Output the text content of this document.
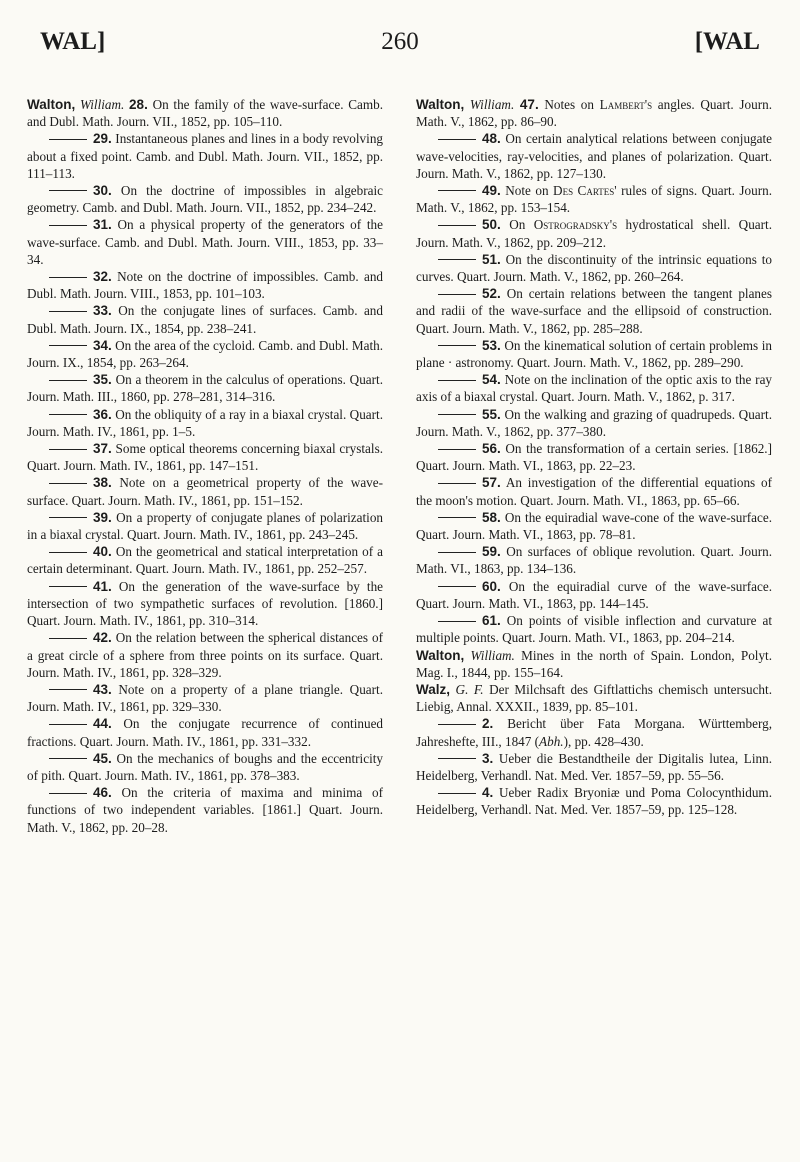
WAL]	260	[WAL
Walton, William. 28. On the family of the wave-surface. Camb. and Dubl. Math. Journ. VII., 1852, pp. 105–110.
29. Instantaneous planes and lines in a body revolving about a fixed point. Camb. and Dubl. Math. Journ. VII., 1852, pp. 111–113.
30. On the doctrine of impossibles in algebraic geometry. Camb. and Dubl. Math. Journ. VII., 1852, pp. 234–242.
31. On a physical property of the generators of the wave-surface. Camb. and Dubl. Math. Journ. VIII., 1853, pp. 33–34.
32. Note on the doctrine of impossibles. Camb. and Dubl. Math. Journ. VIII., 1853, pp. 101–103.
33. On the conjugate lines of surfaces. Camb. and Dubl. Math. Journ. IX., 1854, pp. 238–241.
34. On the area of the cycloid. Camb. and Dubl. Math. Journ. IX., 1854, pp. 263–264.
35. On a theorem in the calculus of operations. Quart. Journ. Math. III., 1860, pp. 278–281, 314–316.
36. On the obliquity of a ray in a biaxal crystal. Quart. Journ. Math. IV., 1861, pp. 1–5.
37. Some optical theorems concerning biaxal crystals. Quart. Journ. Math. IV., 1861, pp. 147–151.
38. Note on a geometrical property of the wave-surface. Quart. Journ. Math. IV., 1861, pp. 151–152.
39. On a property of conjugate planes of polarization in a biaxal crystal. Quart. Journ. Math. IV., 1861, pp. 243–245.
40. On the geometrical and statical interpretation of a certain determinant. Quart. Journ. Math. IV., 1861, pp. 252–257.
41. On the generation of the wave-surface by the intersection of two sympathetic surfaces of revolution. [1860.] Quart. Journ. Math. IV., 1861, pp. 310–314.
42. On the relation between the spherical distances of a great circle of a sphere from three points on its surface. Quart. Journ. Math. IV., 1861, pp. 328–329.
43. Note on a property of a plane triangle. Quart. Journ. Math. IV., 1861, pp. 329–330.
44. On the conjugate recurrence of continued fractions. Quart. Journ. Math. IV., 1861, pp. 331–332.
45. On the mechanics of boughs and the eccentricity of pith. Quart. Journ. Math. IV., 1861, pp. 378–383.
46. On the criteria of maxima and minima of functions of two independent variables. [1861.] Quart. Journ. Math. V., 1862, pp. 20–28.
Walton, William. 47. Notes on Lambert's angles. Quart. Journ. Math. V., 1862, pp. 86–90.
48. On certain analytical relations between conjugate wave-velocities, ray-velocities, and planes of polarization. Quart. Journ. Math. V., 1862, pp. 127–130.
49. Note on Des Cartes' rules of signs. Quart. Journ. Math. V., 1862, pp. 153–154.
50. On Ostrogradsky's hydrostatical shell. Quart. Journ. Math. V., 1862, pp. 209–212.
51. On the discontinuity of the intrinsic equations to curves. Quart. Journ. Math. V., 1862, pp. 260–264.
52. On certain relations between the tangent planes and radii of the wave-surface and the ellipsoid of construction. Quart. Journ. Math. V., 1862, pp. 285–288.
53. On the kinematical solution of certain problems in plane · astronomy. Quart. Journ. Math. V., 1862, pp. 289–290.
54. Note on the inclination of the optic axis to the ray axis of a biaxal crystal. Quart. Journ. Math. V., 1862, p. 317.
55. On the walking and grazing of quadrupeds. Quart. Journ. Math. V., 1862, pp. 377–380.
56. On the transformation of a certain series. [1862.] Quart. Journ. Math. VI., 1863, pp. 22–23.
57. An investigation of the differential equations of the moon's motion. Quart. Journ. Math. VI., 1863, pp. 65–66.
58. On the equiradial wave-cone of the wave-surface. Quart. Journ. Math. VI., 1863, pp. 78–81.
59. On surfaces of oblique revolution. Quart. Journ. Math. VI., 1863, pp. 134–136.
60. On the equiradial curve of the wave-surface. Quart. Journ. Math. VI., 1863, pp. 144–145.
61. On points of visible inflection and curvature at multiple points. Quart. Journ. Math. VI., 1863, pp. 204–214.
Walton, William. Mines in the north of Spain. London, Polyt. Mag. I., 1844, pp. 155–164.
Walz, G. F. Der Milchsaft des Giftlattichs chemisch untersucht. Liebig, Annal. XXXII., 1839, pp. 85–101.
2. Bericht über Fata Morgana. Württemberg, Jahreshefte, III., 1847 (Abh.), pp. 428–430.
3. Ueber die Bestandtheile der Digitalis lutea, Linn. Heidelberg, Verhandl. Nat. Med. Ver. 1857–59, pp. 55–56.
4. Ueber Radix Bryoniæ und Poma Colocynthidum. Heidelberg, Verhandl. Nat. Med. Ver. 1857–59, pp. 125–128.
